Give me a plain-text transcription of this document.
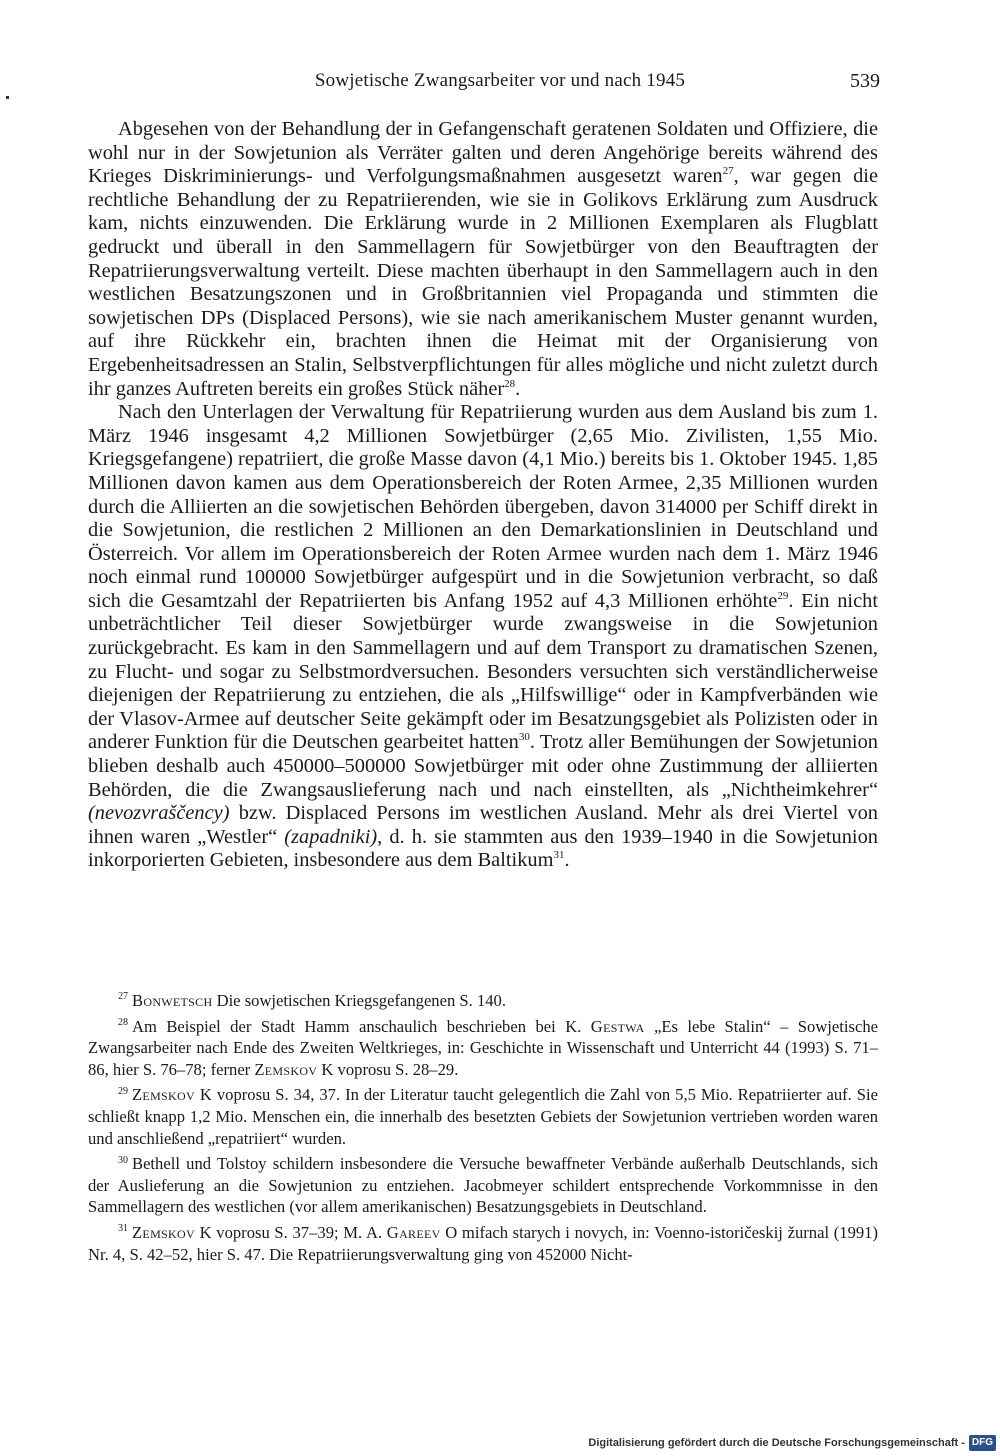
Sowjetische Zwangsarbeiter vor und nach 1945	539

Abgesehen von der Behandlung der in Gefangenschaft geratenen Soldaten und Offiziere, die wohl nur in der Sowjetunion als Verräter galten und deren Angehörige bereits während des Krieges Diskriminierungs- und Verfolgungsmaßnahmen ausgesetzt waren$^{27}$, war gegen die rechtliche Behandlung der zu Repatriierenden, wie sie in Golikovs Erklärung zum Ausdruck kam, nichts einzuwenden. Die Erklärung wurde in 2 Millionen Exemplaren als Flugblatt gedruckt und überall in den Sammellagern für Sowjetbürger von den Beauftragten der Repatriierungsverwaltung verteilt. Diese machten überhaupt in den Sammellagern auch in den westlichen Besatzungszonen und in Großbritannien viel Propaganda und stimmten die sowjetischen DPs (Displaced Persons), wie sie nach amerikanischem Muster genannt wurden, auf ihre Rückkehr ein, brachten ihnen die Heimat mit der Organisierung von Ergebenheitsadressen an Stalin, Selbstverpflichtungen für alles mögliche und nicht zuletzt durch ihr ganzes Auftreten bereits ein großes Stück näher$^{28}$.

Nach den Unterlagen der Verwaltung für Repatriierung wurden aus dem Ausland bis zum 1. März 1946 insgesamt 4,2 Millionen Sowjetbürger (2,65 Mio. Zivilisten, 1,55 Mio. Kriegsgefangene) repatriiert, die große Masse davon (4,1 Mio.) bereits bis 1. Oktober 1945. 1,85 Millionen davon kamen aus dem Operationsbereich der Roten Armee, 2,35 Millionen wurden durch die Alliierten an die sowjetischen Behörden übergeben, davon 314000 per Schiff direkt in die Sowjetunion, die restlichen 2 Millionen an den Demarkationslinien in Deutschland und Österreich. Vor allem im Operationsbereich der Roten Armee wurden nach dem 1. März 1946 noch einmal rund 100000 Sowjetbürger aufgespürt und in die Sowjetunion verbracht, so daß sich die Gesamtzahl der Repatriierten bis Anfang 1952 auf 4,3 Millionen erhöhte$^{29}$. Ein nicht unbeträchtlicher Teil dieser Sowjetbürger wurde zwangsweise in die Sowjetunion zurückgebracht. Es kam in den Sammellagern und auf dem Transport zu dramatischen Szenen, zu Flucht- und sogar zu Selbstmordversuchen. Besonders versuchten sich verständlicherweise diejenigen der Repatriierung zu entziehen, die als „Hilfswillige“ oder in Kampfverbänden wie der Vlasov-Armee auf deutscher Seite gekämpft oder im Besatzungsgebiet als Polizisten oder in anderer Funktion für die Deutschen gearbeitet hatten$^{30}$. Trotz aller Bemühungen der Sowjetunion blieben deshalb auch 450000–500000 Sowjetbürger mit oder ohne Zustimmung der alliierten Behörden, die die Zwangsauslieferung nach und nach einstellten, als „Nichtheimkehrer“ (nevozvraščency) bzw. Displaced Persons im westlichen Ausland. Mehr als drei Viertel von ihnen waren „Westler“ (zapadniki), d. h. sie stammten aus den 1939–1940 in die Sowjetunion inkorporierten Gebieten, insbesondere aus dem Baltikum$^{31}$.

$^{27}$ Bonwetsch Die sowjetischen Kriegsgefangenen S. 140.

$^{28}$ Am Beispiel der Stadt Hamm anschaulich beschrieben bei K. Gestwa „Es lebe Stalin“ – Sowjetische Zwangsarbeiter nach Ende des Zweiten Weltkrieges, in: Geschichte in Wissenschaft und Unterricht 44 (1993) S. 71–86, hier S. 76–78; ferner Zemskov K voprosu S. 28–29.

$^{29}$ Zemskov K voprosu S. 34, 37. In der Literatur taucht gelegentlich die Zahl von 5,5 Mio. Repatriierter auf. Sie schließt knapp 1,2 Mio. Menschen ein, die innerhalb des besetzten Gebiets der Sowjetunion vertrieben worden waren und anschließend „repatriiert“ wurden.

$^{30}$ Bethell und Tolstoy schildern insbesondere die Versuche bewaffneter Verbände außerhalb Deutschlands, sich der Auslieferung an die Sowjetunion zu entziehen. Jacobmeyer schildert entsprechende Vorkommnisse in den Sammellagern des westlichen (vor allem amerikanischen) Besatzungsgebiets in Deutschland.

$^{31}$ Zemskov K voprosu S. 37–39; M. A. Gareev O mifach starych i novych, in: Voenno-istoričeskij žurnal (1991) Nr. 4, S. 42–52, hier S. 47. Die Repatriierungsverwaltung ging von 452000 Nicht-

Digitalisierung gefördert durch die Deutsche Forschungsgemeinschaft - DFG
